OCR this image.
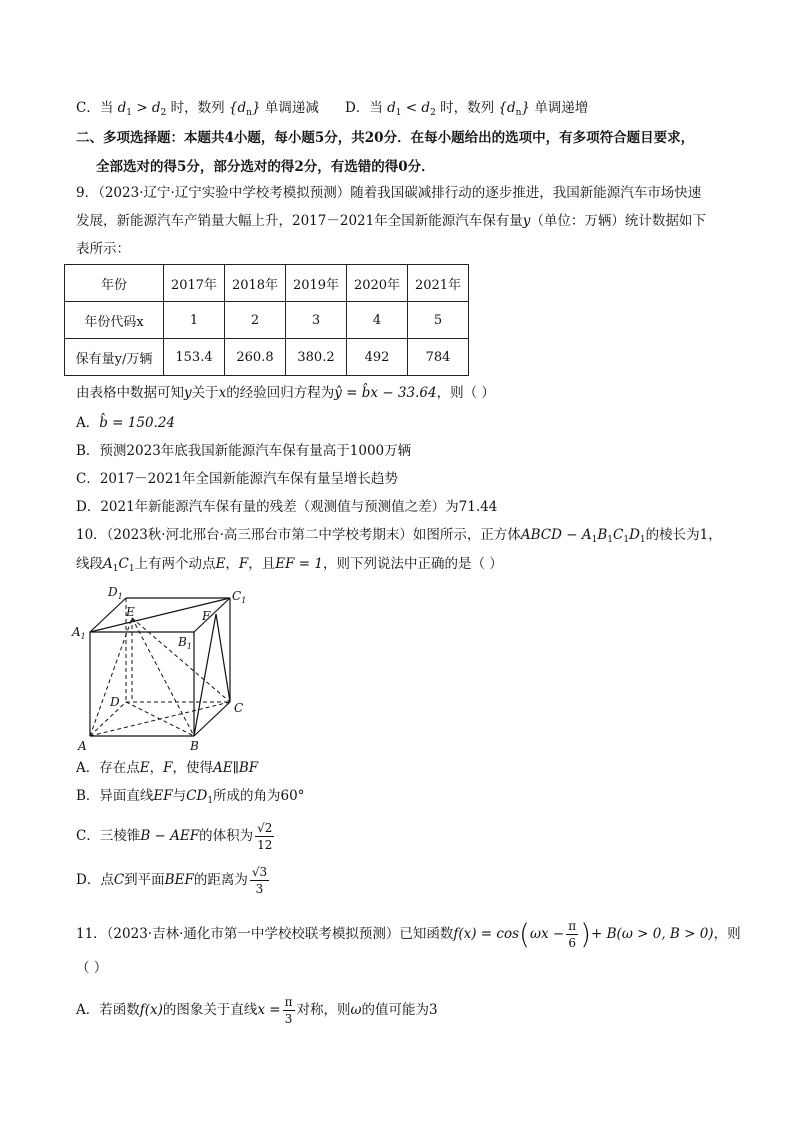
C．当 $d_1 > d_2$ 时，数列 $\{d_n\}$ 单调递减 D．当 $d_1 < d_2$ 时，数列 $\{d_n\}$ 单调递增
二、多项选择题：本题共4小题，每小题5分，共20分．在每小题给出的选项中，有多项符合题目要求，
全部选对的得5分，部分选对的得2分，有选错的得0分．
9．（2023·辽宁·辽宁实验中学校考模拟预测）随着我国碳减排行动的逐步推进，我国新能源汽车市场快速
发展，新能源汽车产销量大幅上升，2017－2021年全国新能源汽车保有量y（单位：万辆）统计数据如下
表所示：
年份	2017年	2018年	2019年	2020年	2021年
年份代码x	1	2	3	4	5
保有量y/万辆	153.4	260.8	380.2	492	784
由表格中数据可知y关于x的经验回归方程为ŷ = b̂x − 33.64，则（ ）
A．b̂ = 150.24
B．预测2023年底我国新能源汽车保有量高于1000万辆
C．2017－2021年全国新能源汽车保有量呈增长趋势
D．2021年新能源汽车保有量的残差（观测值与预测值之差）为71.44
10．（2023秋·河北邢台·高三邢台市第二中学校考期末）如图所示，正方体ABCD − $A_1B_1C_1D_1$的棱长为1，
线段$A_1C_1$上有两个动点E，F，且EF = 1，则下列说法中正确的是（ ）
$D_1$	$C_1$
E	F
$A_1$	$B_1$
D	C
A	B
A．存在点E，F，使得AE∥BF
B．异面直线EF与$CD_1$所成的角为60°
C．三棱锥B − AEF的体积为 $\frac{√2}{12}$
D．点C到平面BEF的距离为 $\frac{√3}{3}$
11．（2023·吉林·通化市第一中学校校联考模拟预测）已知函数$f(x) = \cos(\omega x - \frac{\pi}{6}$ )+ B(ω > 0, B > 0)，则
（ ）
A．若函数f(x)的图象关于直线$x = \frac{\pi}{3}$ 对称，则ω的值可能为3
